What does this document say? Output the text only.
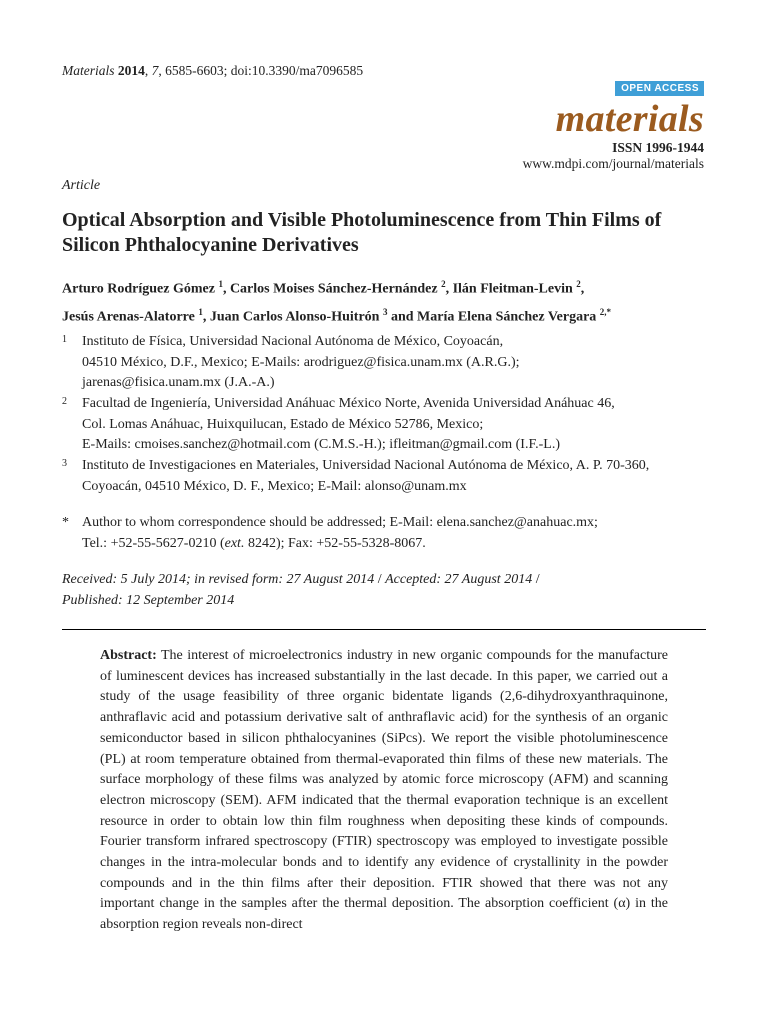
Materials 2014, 7, 6585-6603; doi:10.3390/ma7096585
OPEN ACCESS
materials
ISSN 1996-1944
www.mdpi.com/journal/materials
Article
Optical Absorption and Visible Photoluminescence from Thin Films of Silicon Phthalocyanine Derivatives
Arturo Rodríguez Gómez $^1$, Carlos Moises Sánchez-Hernández $^2$, Ilán Fleitman-Levin $^2$,
Jesús Arenas-Alatorre $^1$, Juan Carlos Alonso-Huitrón $^3$ and María Elena Sánchez Vergara $^{2,*}$
1 Instituto de Física, Universidad Nacional Autónoma de México, Coyoacán,
04510 México, D.F., Mexico; E-Mails: arodriguez@fisica.unam.mx (A.R.G.);
jarenas@fisica.unam.mx (J.A.-A.)
2 Facultad de Ingeniería, Universidad Anáhuac México Norte, Avenida Universidad Anáhuac 46,
Col. Lomas Anáhuac, Huixquilucan, Estado de México 52786, Mexico;
E-Mails: cmoises.sanchez@hotmail.com (C.M.S.-H.); ifleitman@gmail.com (I.F.-L.)
3 Instituto de Investigaciones en Materiales, Universidad Nacional Autónoma de México, A. P. 70-360,
Coyoacán, 04510 México, D. F., Mexico; E-Mail: alonso@unam.mx
* Author to whom correspondence should be addressed; E-Mail: elena.sanchez@anahuac.mx;
Tel.: +52-55-5627-0210 (ext. 8242); Fax: +52-55-5328-8067.
Received: 5 July 2014; in revised form: 27 August 2014 / Accepted: 27 August 2014 /
Published: 12 September 2014

Abstract: The interest of microelectronics industry in new organic compounds for the manufacture of luminescent devices has increased substantially in the last decade. In this paper, we carried out a study of the usage feasibility of three organic bidentate ligands (2,6-dihydroxyanthraquinone, anthraflavic acid and potassium derivative salt of anthraflavic acid) for the synthesis of an organic semiconductor based in silicon phthalocyanines (SiPcs). We report the visible photoluminescence (PL) at room temperature obtained from thermal-evaporated thin films of these new materials. The surface morphology of these films was analyzed by atomic force microscopy (AFM) and scanning electron microscopy (SEM). AFM indicated that the thermal evaporation technique is an excellent resource in order to obtain low thin film roughness when depositing these kinds of compounds. Fourier transform infrared spectroscopy (FTIR) spectroscopy was employed to investigate possible changes in the intra-molecular bonds and to identify any evidence of crystallinity in the powder compounds and in the thin films after their deposition. FTIR showed that there was not any important change in the samples after the thermal deposition. The absorption coefficient (α) in the absorption region reveals non-direct
